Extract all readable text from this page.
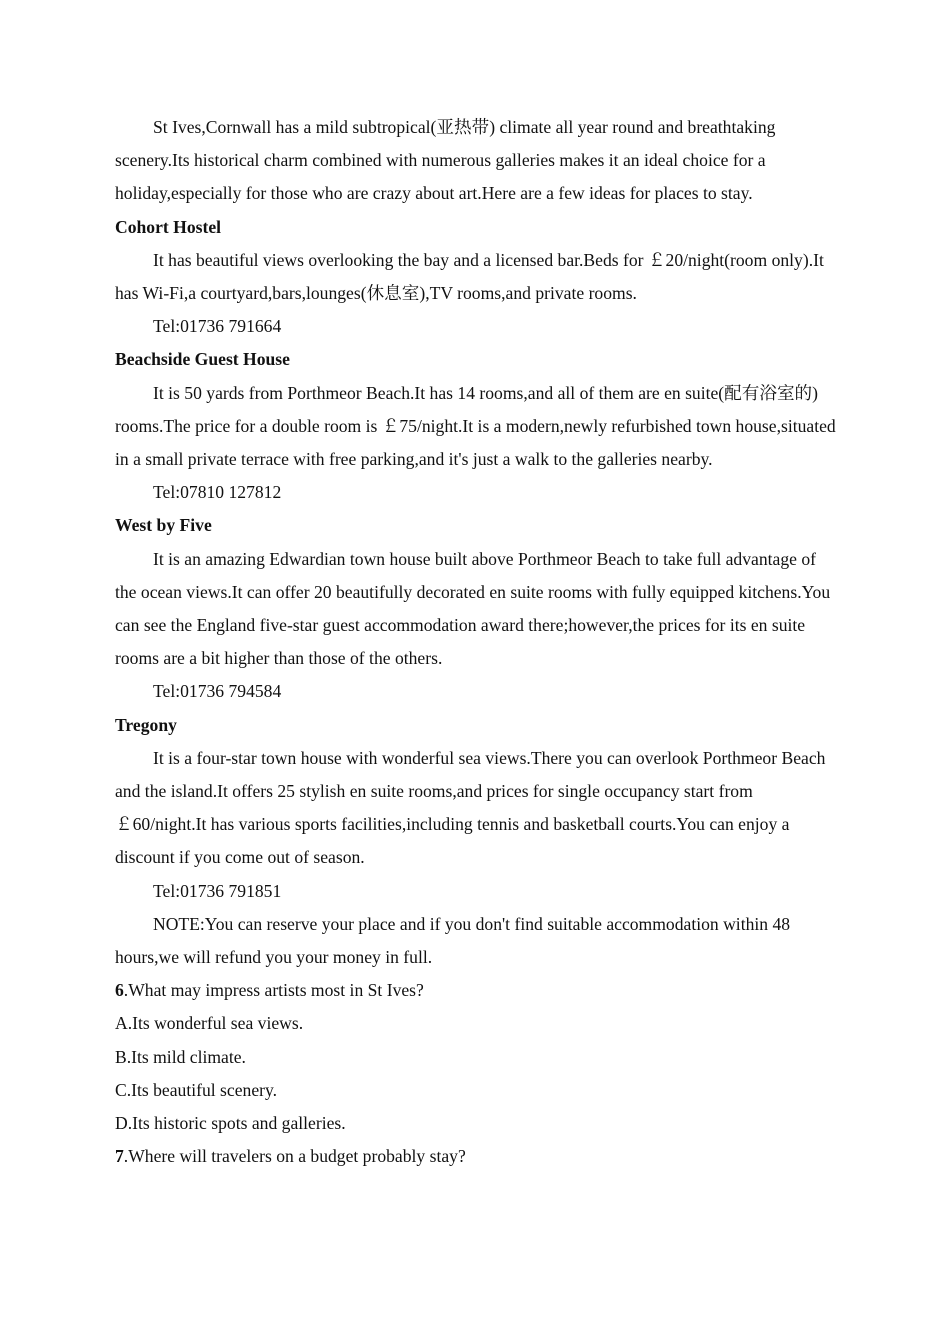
St Ives,Cornwall has a mild subtropical(亚热带) climate all year round and breathtaking scenery.Its historical charm combined with numerous galleries makes it an ideal choice for a holiday,especially for those who are crazy about art.Here are a few ideas for places to stay.

Cohort Hostel

It has beautiful views overlooking the bay and a licensed bar.Beds for ￡20/night(room only).It has Wi-Fi,a courtyard,bars,lounges(休息室),TV rooms,and private rooms.

Tel:01736 791664

Beachside Guest House

It is 50 yards from Porthmeor Beach.It has 14 rooms,and all of them are en suite(配有浴室的) rooms.The price for a double room is ￡75/night.It is a modern,newly refurbished town house,situated in a small private terrace with free parking,and it's just a walk to the galleries nearby.

Tel:07810 127812

West by Five

It is an amazing Edwardian town house built above Porthmeor Beach to take full advantage of the ocean views.It can offer 20 beautifully decorated en suite rooms with fully equipped kitchens.You can see the England five-star guest accommodation award there;however,the prices for its en suite rooms are a bit higher than those of the others.

Tel:01736 794584

Tregony

It is a four-star town house with wonderful sea views.There you can overlook Porthmeor Beach and the island.It offers 25 stylish en suite rooms,and prices for single occupancy start from ￡60/night.It has various sports facilities,including tennis and basketball courts.You can enjoy a discount if you come out of season.

Tel:01736 791851

NOTE:You can reserve your place and if you don't find suitable accommodation within 48 hours,we will refund you your money in full.

6.What may impress artists most in St Ives?

A.Its wonderful sea views.

B.Its mild climate.

C.Its beautiful scenery.

D.Its historic spots and galleries.

7.Where will travelers on a budget probably stay?
